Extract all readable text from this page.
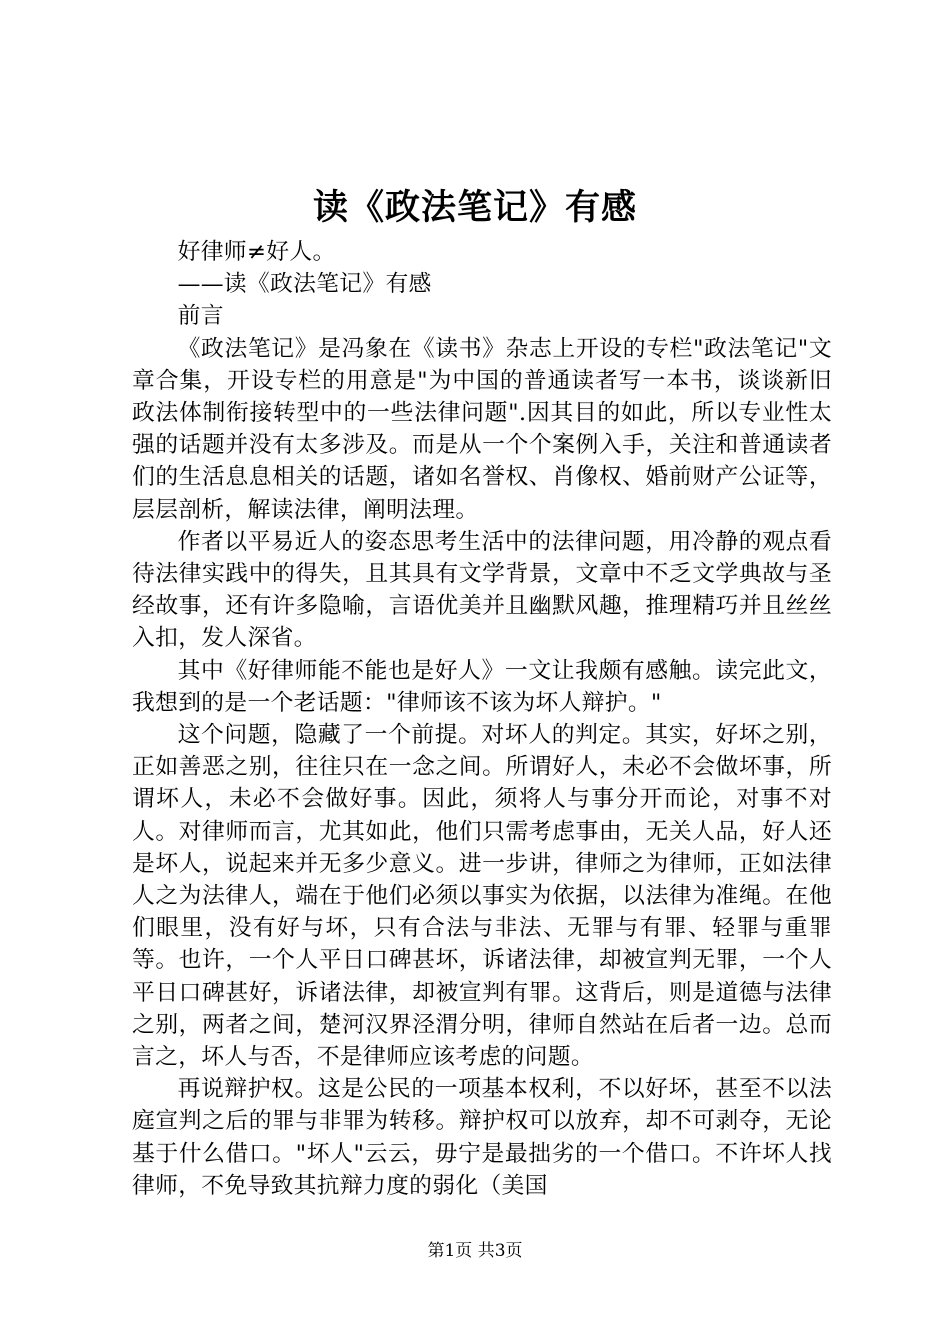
读《政法笔记》有感

好律师≠好人。

——读《政法笔记》有感

前言

《政法笔记》是冯象在《读书》杂志上开设的专栏"政法笔记"文章合集，开设专栏的用意是"为中国的普通读者写一本书，谈谈新旧政法体制衔接转型中的一些法律问题".因其目的如此，所以专业性太强的话题并没有太多涉及。而是从一个个案例入手，关注和普通读者们的生活息息相关的话题，诸如名誉权、肖像权、婚前财产公证等，层层剖析，解读法律，阐明法理。

作者以平易近人的姿态思考生活中的法律问题，用冷静的观点看待法律实践中的得失，且其具有文学背景，文章中不乏文学典故与圣经故事，还有许多隐喻，言语优美并且幽默风趣，推理精巧并且丝丝入扣，发人深省。

其中《好律师能不能也是好人》一文让我颇有感触。读完此文，我想到的是一个老话题："律师该不该为坏人辩护。"

这个问题，隐藏了一个前提。对坏人的判定。其实，好坏之别，正如善恶之别，往往只在一念之间。所谓好人，未必不会做坏事，所谓坏人，未必不会做好事。因此，须将人与事分开而论，对事不对人。对律师而言，尤其如此，他们只需考虑事由，无关人品，好人还是坏人，说起来并无多少意义。进一步讲，律师之为律师，正如法律人之为法律人，端在于他们必须以事实为依据，以法律为准绳。在他们眼里，没有好与坏，只有合法与非法、无罪与有罪、轻罪与重罪等。也许，一个人平日口碑甚坏，诉诸法律，却被宣判无罪，一个人平日口碑甚好，诉诸法律，却被宣判有罪。这背后，则是道德与法律之别，两者之间，楚河汉界泾渭分明，律师自然站在后者一边。总而言之，坏人与否，不是律师应该考虑的问题。

再说辩护权。这是公民的一项基本权利，不以好坏，甚至不以法庭宣判之后的罪与非罪为转移。辩护权可以放弃，却不可剥夺，无论基于什么借口。"坏人"云云，毋宁是最拙劣的一个借口。不许坏人找律师，不免导致其抗辩力度的弱化（美国

第1页 共3页
